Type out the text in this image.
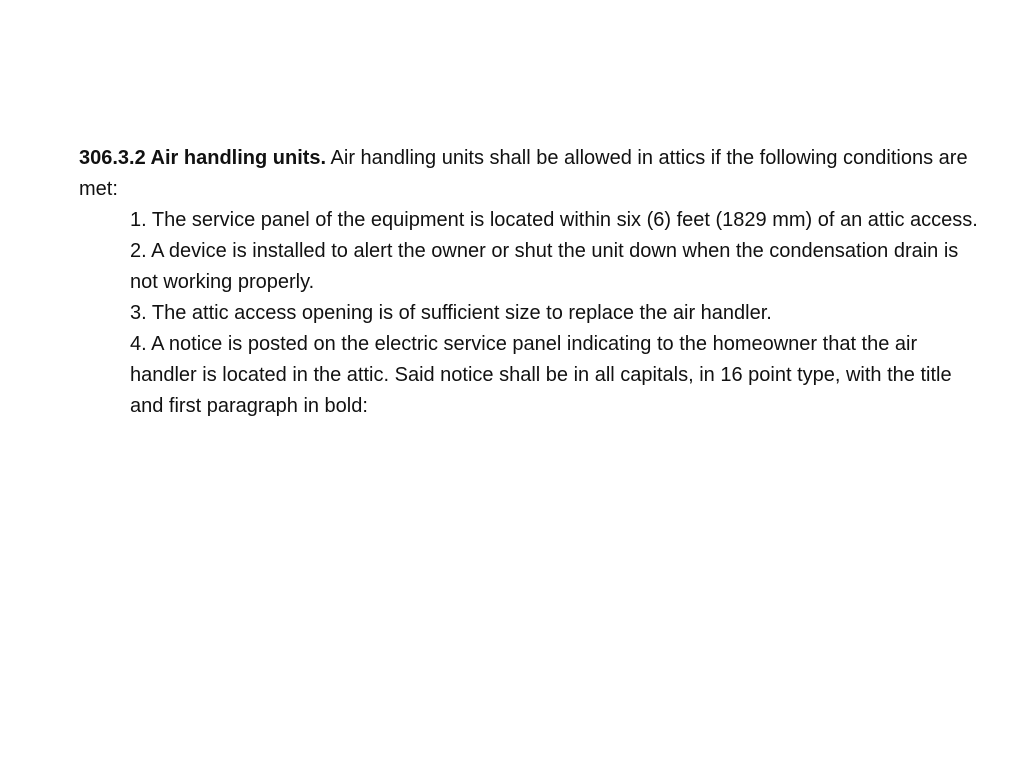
306.3.2 Air handling units. Air handling units shall be allowed in attics if the following conditions are met:

1. The service panel of the equipment is located within six (6) feet (1829 mm) of an attic access.
2. A device is installed to alert the owner or shut the unit down when the condensation drain is not working properly.
3. The attic access opening is of sufficient size to replace the air handler.
4. A notice is posted on the electric service panel indicating to the homeowner that the air handler is located in the attic. Said notice shall be in all capitals, in 16 point type, with the title and first paragraph in bold:
